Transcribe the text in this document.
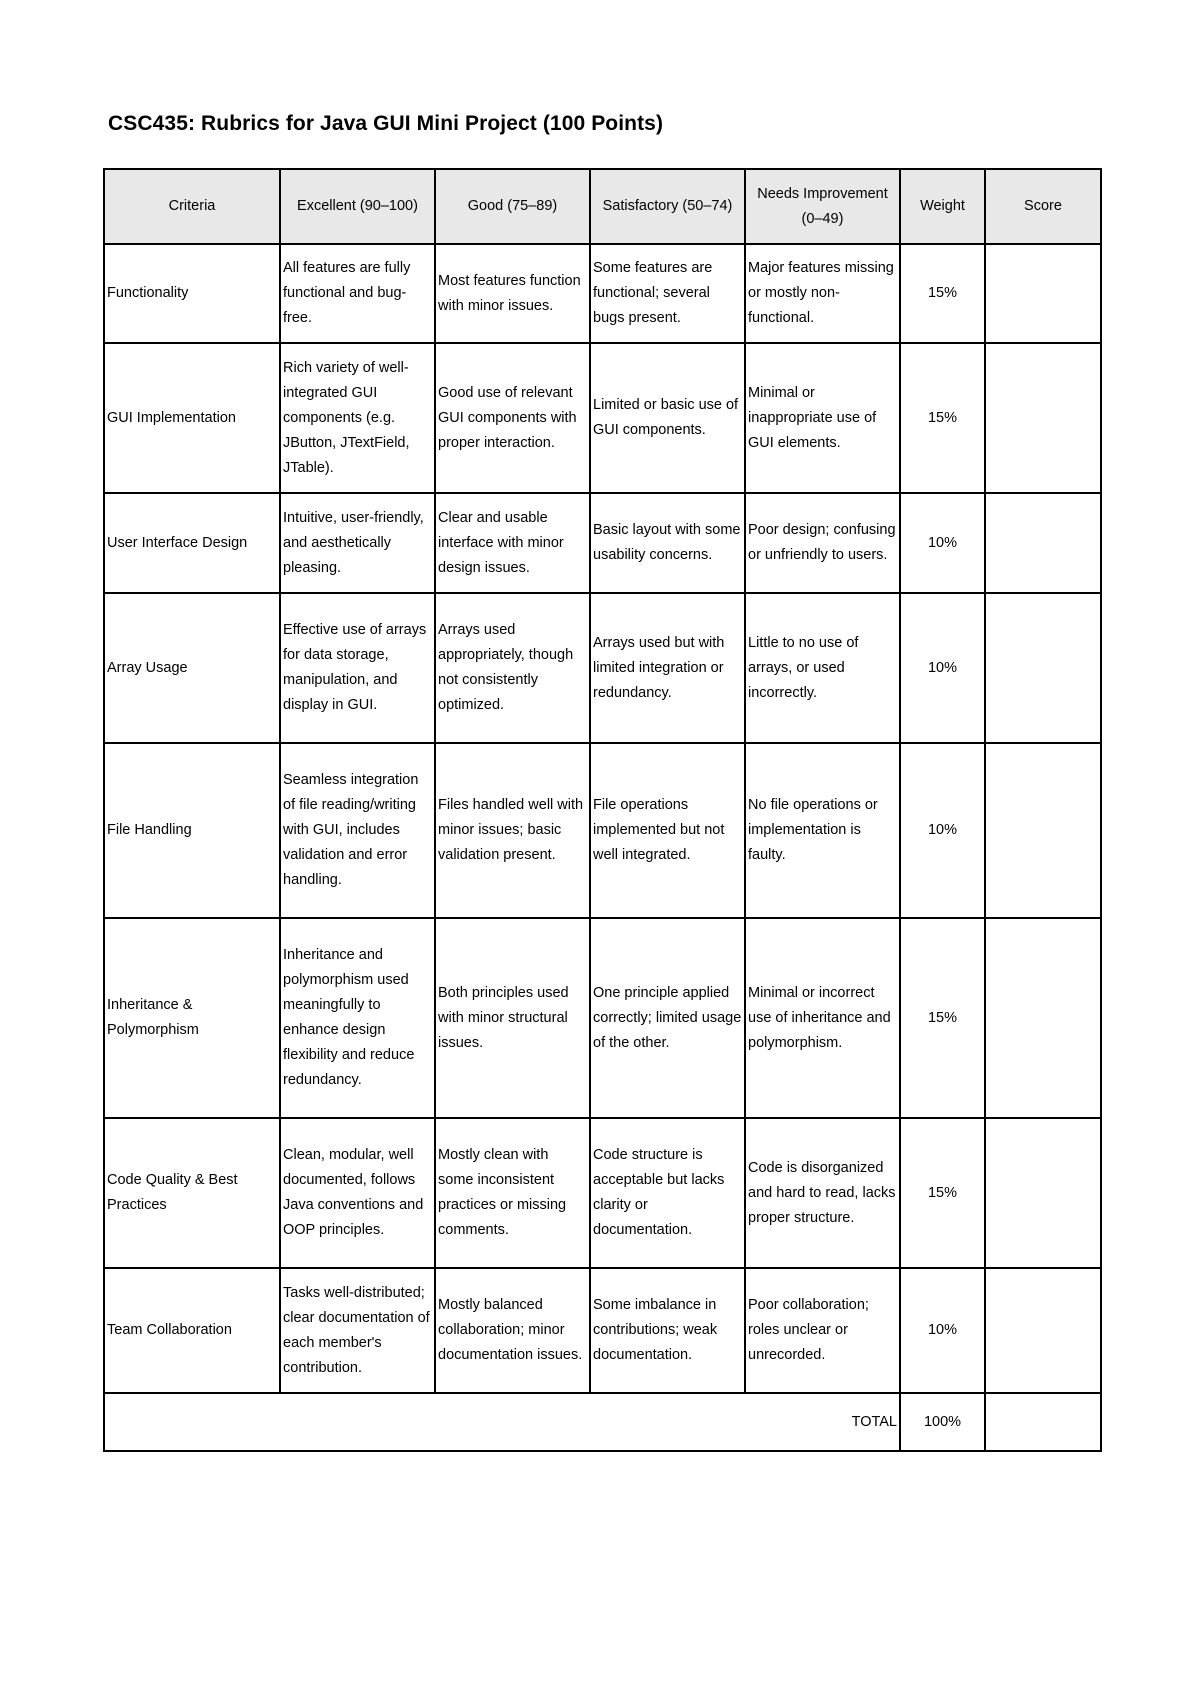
CSC435: Rubrics for Java GUI Mini Project (100 Points)
Criteria	Excellent (90–100)	Good (75–89)	Satisfactory (50–74)	Needs Improvement (0–49)	Weight	Score
Functionality	All features are fully functional and bug-free.	Most features function with minor issues.	Some features are functional; several bugs present.	Major features missing or mostly non-functional.	15%	
GUI Implementation	Rich variety of well-integrated GUI components (e.g. JButton, JTextField, JTable).	Good use of relevant GUI components with proper interaction.	Limited or basic use of GUI components.	Minimal or inappropriate use of GUI elements.	15%	
User Interface Design	Intuitive, user-friendly, and aesthetically pleasing.	Clear and usable interface with minor design issues.	Basic layout with some usability concerns.	Poor design; confusing or unfriendly to users.	10%	
Array Usage	Effective use of arrays for data storage, manipulation, and display in GUI.	Arrays used appropriately, though not consistently optimized.	Arrays used but with limited integration or redundancy.	Little to no use of arrays, or used incorrectly.	10%	
File Handling	Seamless integration of file reading/writing with GUI, includes validation and error handling.	Files handled well with minor issues; basic validation present.	File operations implemented but not well integrated.	No file operations or implementation is faulty.	10%	
Inheritance & Polymorphism	Inheritance and polymorphism used meaningfully to enhance design flexibility and reduce redundancy.	Both principles used with minor structural issues.	One principle applied correctly; limited usage of the other.	Minimal or incorrect use of inheritance and polymorphism.	15%	
Code Quality & Best Practices	Clean, modular, well documented, follows Java conventions and OOP principles.	Mostly clean with some inconsistent practices or missing comments.	Code structure is acceptable but lacks clarity or documentation.	Code is disorganized and hard to read, lacks proper structure.	15%	
Team Collaboration	Tasks well-distributed; clear documentation of each member's contribution.	Mostly balanced collaboration; minor documentation issues.	Some imbalance in contributions; weak documentation.	Poor collaboration; roles unclear or unrecorded.	10%	
TOTAL					100%	
